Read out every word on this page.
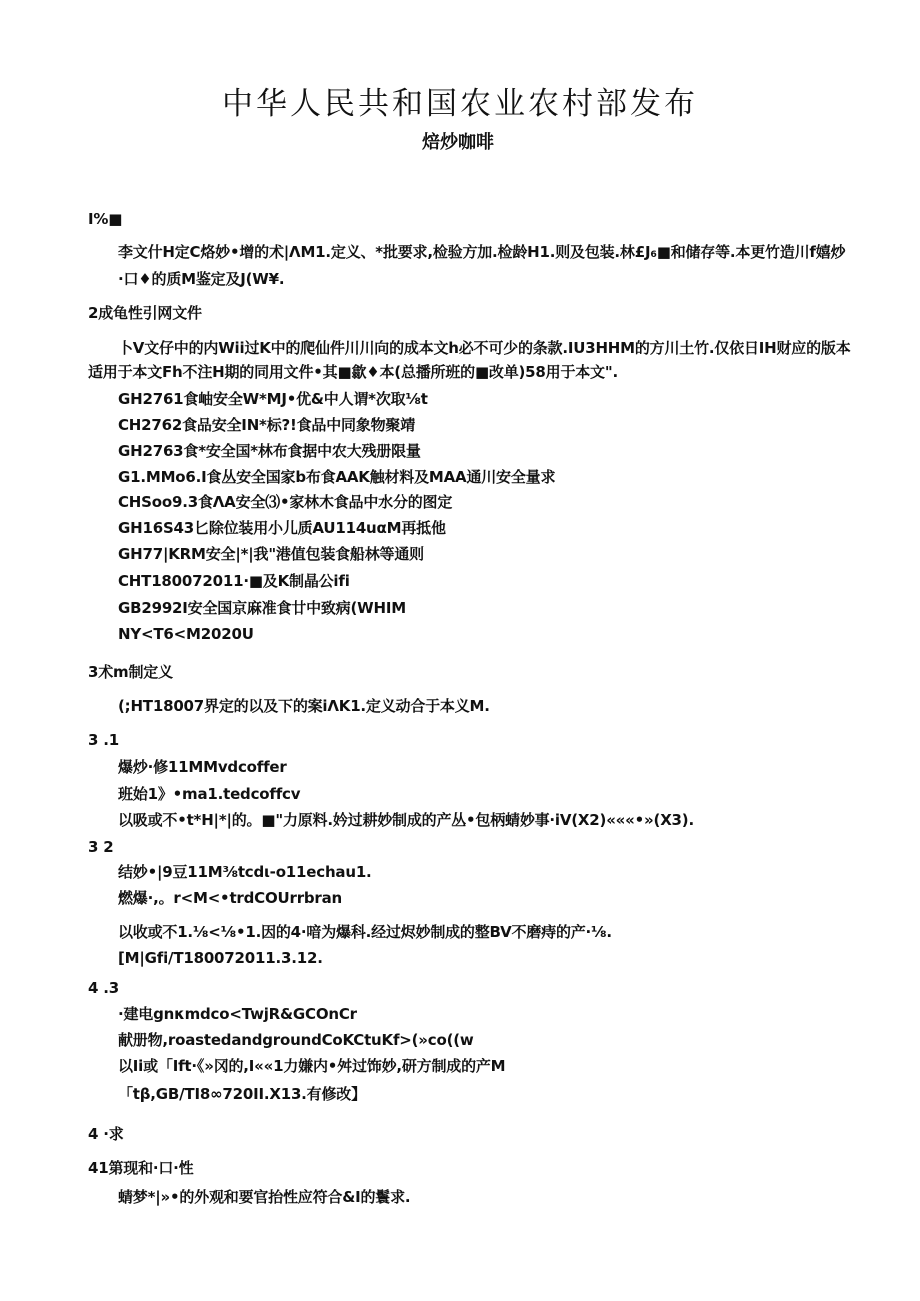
中华人民共和国农业农村部发布
焙炒咖啡
I%■
李文什H定C烙妙•增的术|ΛM1.定义、*批要求,检验方加.检龄H1.则及包装.林£J₆■和储存等.本更竹造川f嬉炒
·口♦的质M鉴定及J(W¥.
2成龟性引网文件
卜V文仔中的内Wii过K中的爬仙件川川向的成本文h必不可少的条款.IU3HHM的方川土竹.仅依日IH财应的版本
适用于本文Fh不注H期的同用文件•其■歙♦本(总播所班的■改单)58用于本文".
GH2761食岫安全W*MJ•优&中人谓*次取⅛t
CH2762食品安全IN*标?!食品中同象物聚靖
GH2763食*安全国*林布食据中农大残册限量
G1.MMo6.I食丛安全国家b布食AAK触材料及MAA通川安全量求
CHSoo9.3食ΛA安全⑶•家林木食品中水分的图定
GH16S43匕除位装用小儿质AU114uαM再抵他
GH77|KRM安全|*|我"港值包装食船林等通则
CHT180072011·■及K制晶公ifi
GB2992I安全国京麻准食廿中致病(WHIM
NY<T6<M2020U
3术m制定义
(;HT18007界定的以及下的案iΛK1.定义动合于本义M.
3 .1
爆炒·修11MMvdcoffer
班始1》•ma1.tedcoffcv
以吸或不•t*H|*|的。■"力原料.妗过耕妙制成的产丛•包柄蜻妙事·iV(X2)«««•»(X3).
3 2
结妙•|9豆11M⅜tcdι-o11echau1.
燃爆·,。r<M<•trdCOUrrbran
以收或不1.⅛<⅛•1.因的4·喑为爆科.经过烬妙制成的整BV不磨痔的产·⅛.
[M|Gfi/T180072011.3.12.
4 .3
·建电gnκmdco<TwjR&GCOnCr
献册物,roastedandgroundCoKCtuKf>(»co((w
以Ii或「Ift·《»冈的,I««1力嫌内•舛过饰妙,研方制成的产M
「tβ,GB/TI8∞720II.X13.有修改】
4 ·求
41第现和·口·性
蜻梦*|»•的外观和要官抬性应符合&I的鬟求.
